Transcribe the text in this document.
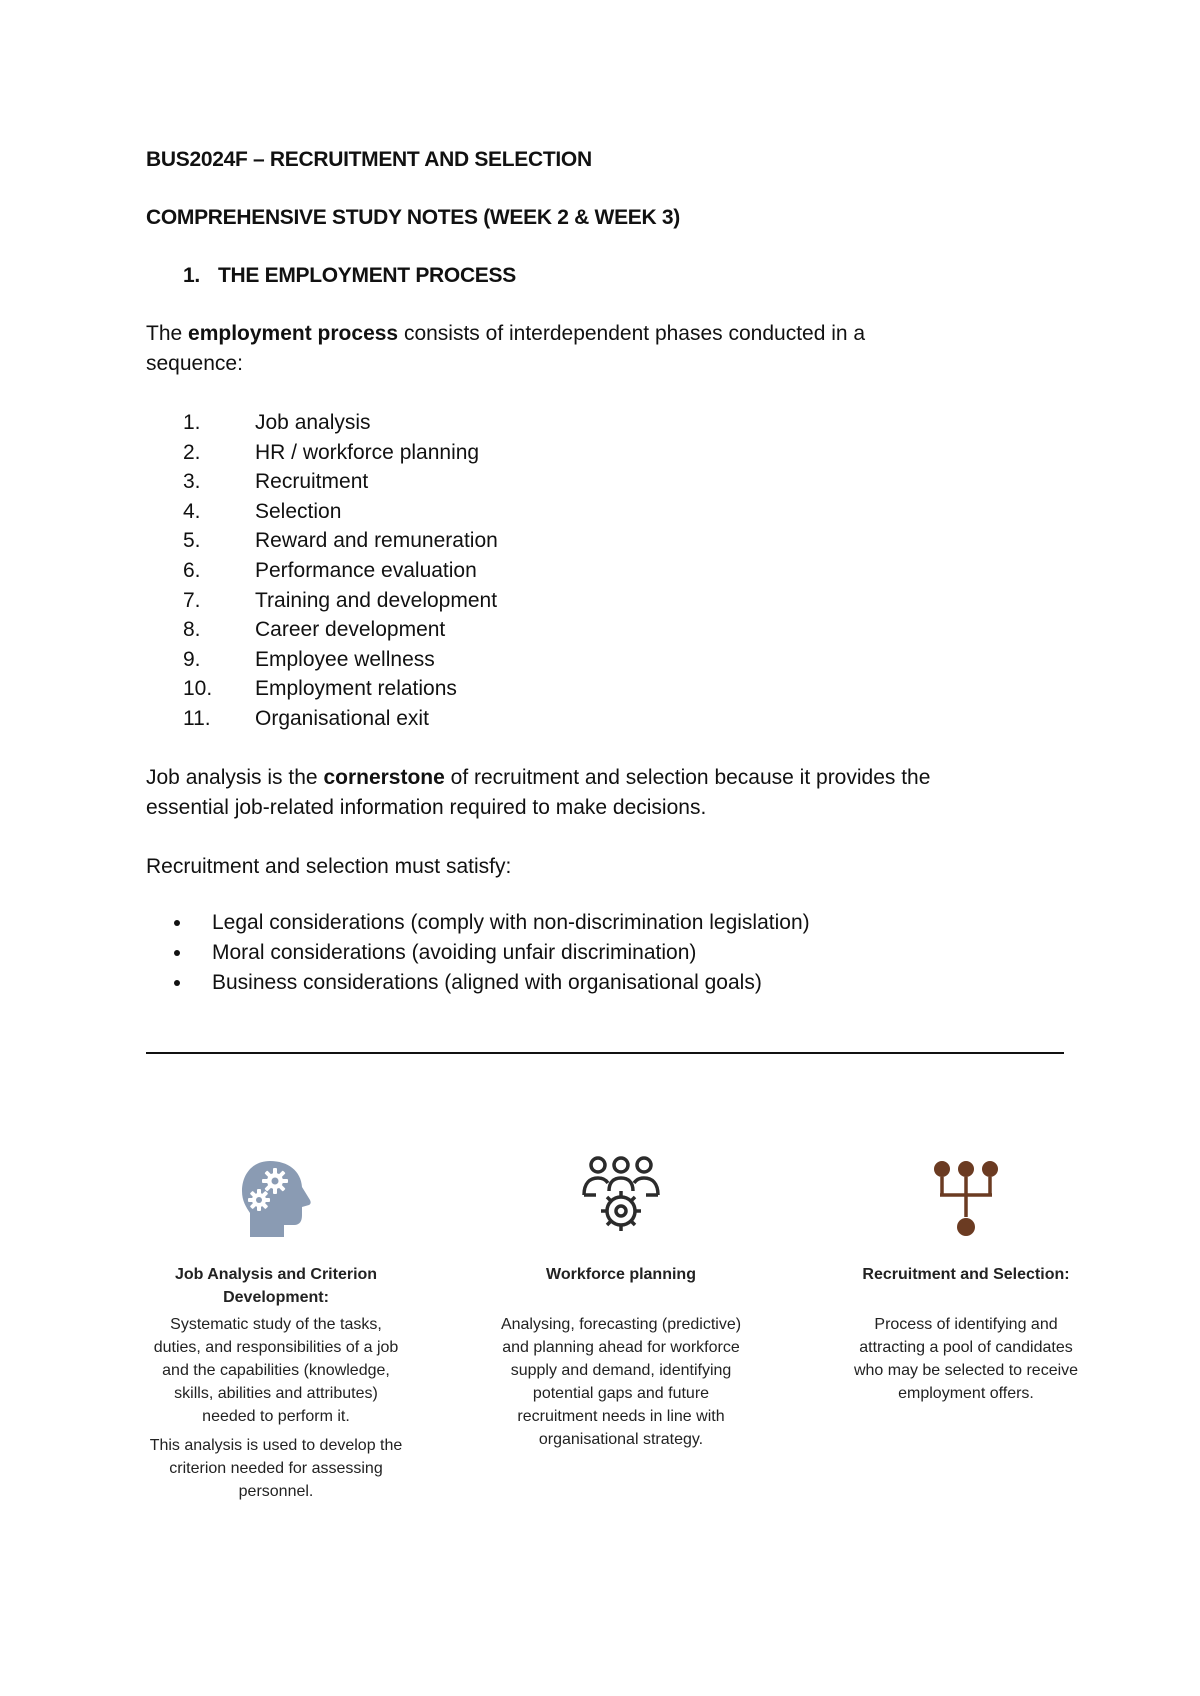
BUS2024F – RECRUITMENT AND SELECTION
COMPREHENSIVE STUDY NOTES (WEEK 2 & WEEK 3)
1. THE EMPLOYMENT PROCESS
The employment process consists of interdependent phases conducted in a
sequence:
1.	Job analysis
2.	HR / workforce planning
3.	Recruitment
4.	Selection
5.	Reward and remuneration
6.	Performance evaluation
7.	Training and development
8.	Career development
9.	Employee wellness
10.	Employment relations
11.	Organisational exit
Job analysis is the cornerstone of recruitment and selection because it provides the
essential job-related information required to make decisions.
Recruitment and selection must satisfy:
Legal considerations (comply with non-discrimination legislation)
Moral considerations (avoiding unfair discrimination)
Business considerations (aligned with organisational goals)
Job Analysis and Criterion
Development:

Systematic study of the tasks,

duties, and responsibilities of a job

and the capabilities (knowledge,

skills, abilities and attributes)

needed to perform it.

This analysis is used to develop the

criterion needed for assessing

personnel.

Workforce planning

Analysing, forecasting (predictive)

and planning ahead for workforce

supply and demand, identifying

potential gaps and future

recruitment needs in line with

organisational strategy.

Recruitment and Selection:

Process of identifying and

attracting a pool of candidates

who may be selected to receive

employment offers.
